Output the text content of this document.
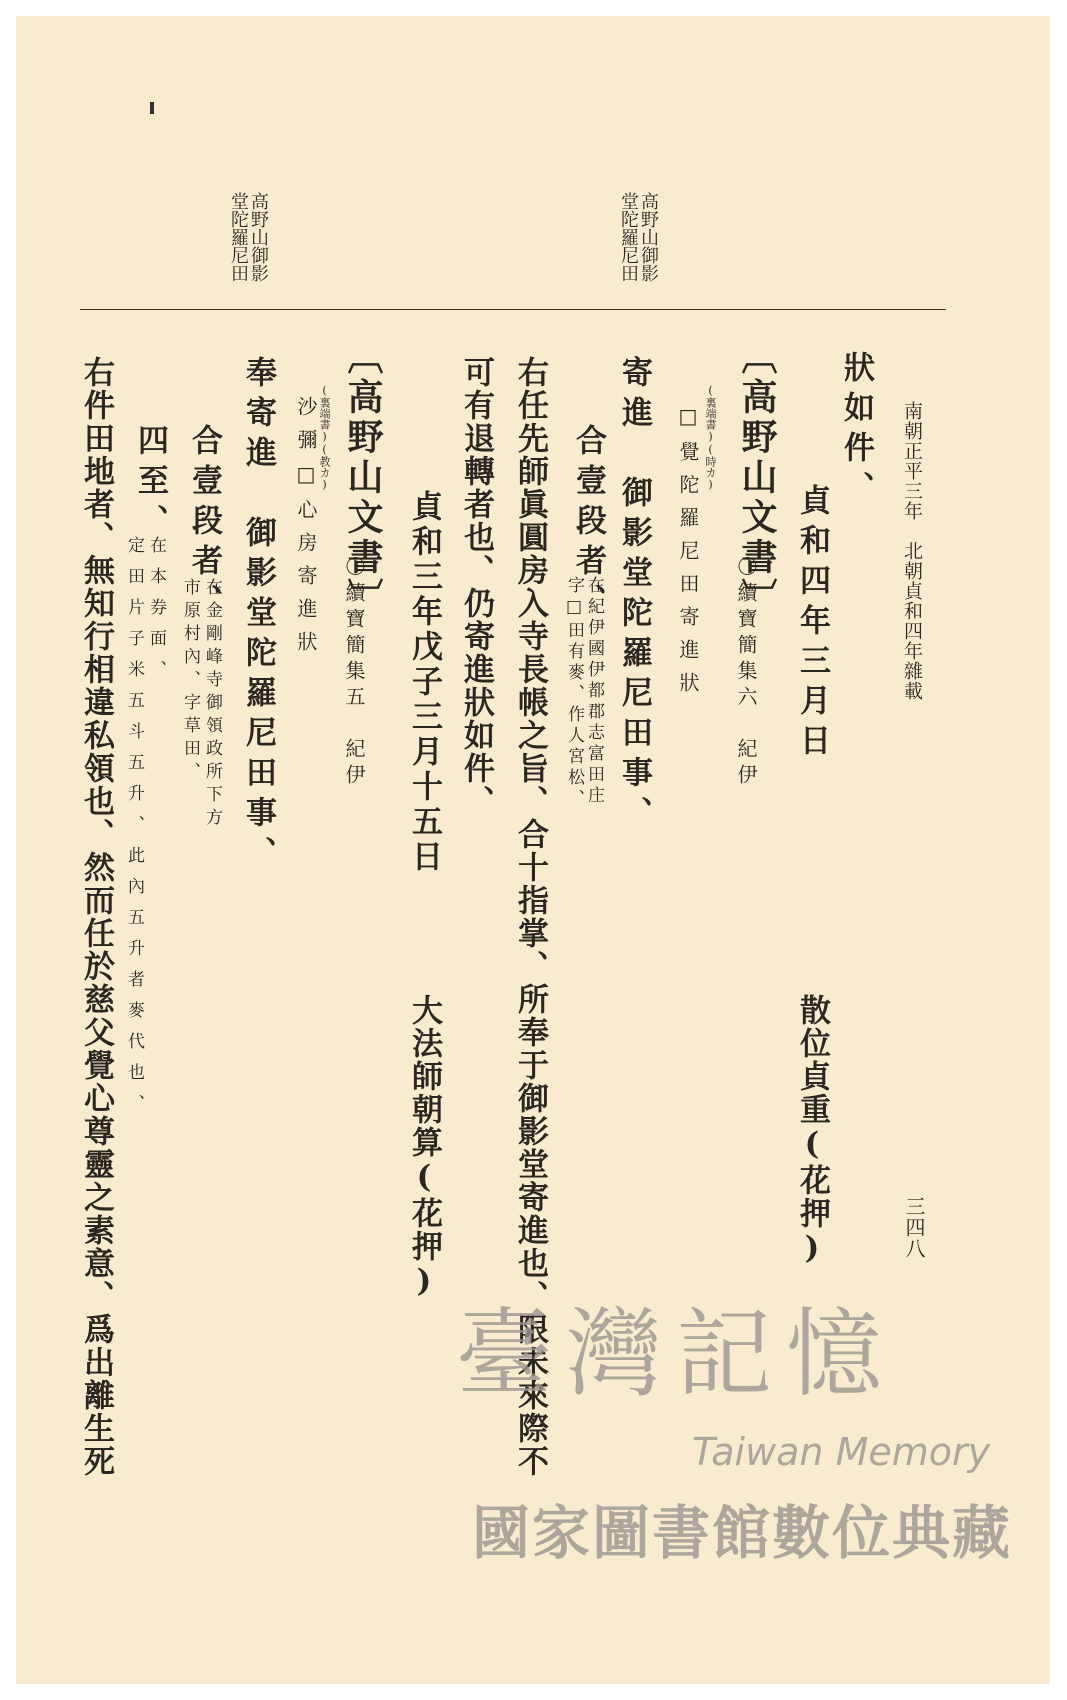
南朝正平三年　北朝貞和四年雜載
三四八
高野山御影堂陀羅尼田
高野山御影堂陀羅尼田
狀如件、
貞和四年三月日
散位貞重(花押)
〔高野山文書〕
〇續寶簡集六　紀伊
(裏端書)(時カ)
□覺陀羅尼田寄進狀
寄進　御影堂陀羅尼田事、
合壹段者、
在紀伊國伊都郡志富田庄
字□田有麥、作人宮松、
右任先師眞圓房入寺長帳之旨、合十指掌、所奉于御影堂寄進也、限未來際不
可有退轉者也、仍寄進狀如件、
貞和三年戊子三月十五日
大法師朝算(花押)
〔高野山文書〕
〇續寶簡集五　紀伊
(裏端書)(教カ)
沙彌□心房寄進狀
奉寄進　御影堂陀羅尼田事、
合壹段者、
在金剛峰寺御領政所下方
市原村內、字草田、
四至、
在本券面、
定田片子米五斗五升、此內五升者麥代也、
右件田地者、無知行相違私領也、然而任於慈父覺心尊靈之素意、爲出離生死	臺灣記憶
Taiwan Memory
國家圖書館數位典藏
